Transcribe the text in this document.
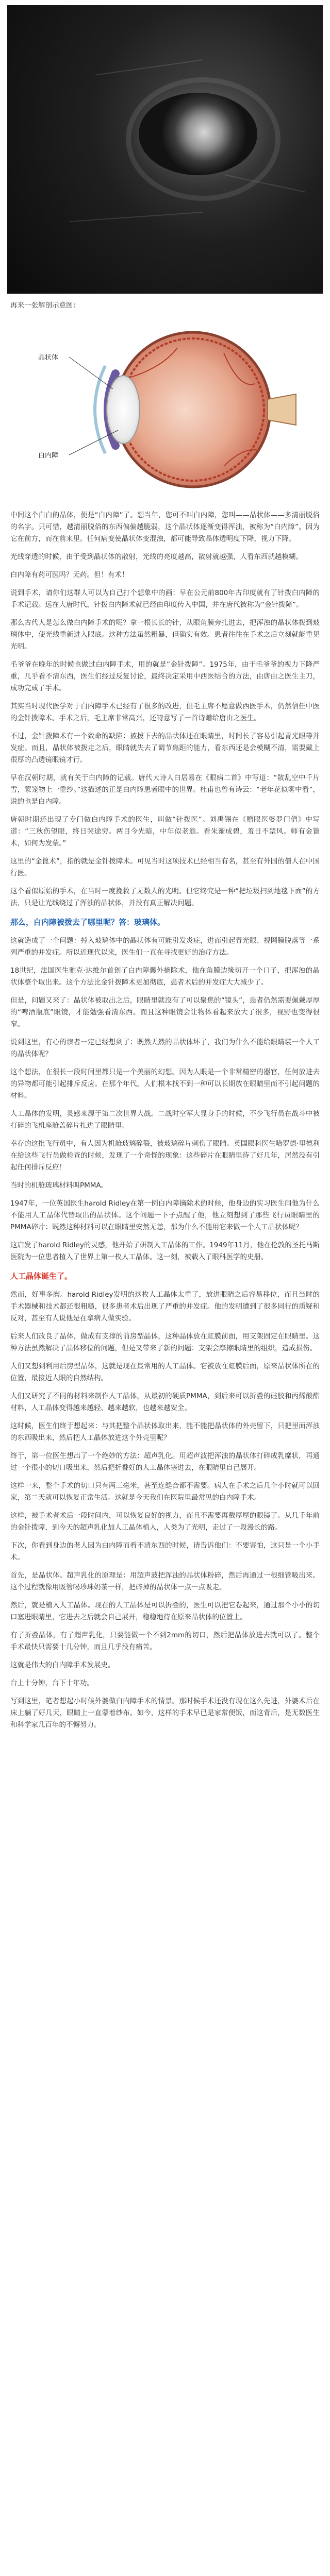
再来一张解剖示意图：

晶状体
白内障

中间这个白白的晶体，便是“白内障”了。想当年，您可不叫白内障，您叫——晶状体——多清丽脱俗的名字。只可惜，越清丽脱俗的东西偏偏越脆弱，这个晶状体逐渐变得浑浊，被称为“白内障”。因为它在前方，而在前来里。任何病变使晶状体变混浊，都可能导致晶体透明度下降，视力下降。

光线穿透的时候，由于受到晶状体的散射，光线的亮度越高，散射就越强，人看东西就越模糊。

白内障有药可医吗？无药。但！有术！

说到手术，请你们这群人可以为自己打个想象中的画：早在公元前800年古印度就有了针拨白内障的手术记载。远在大唐时代，针拨白内障术就已经由印度传入中国，并在唐代被称为“金针拨障”。

那么古代人是怎么做白内障手术的呢？拿一根长长的针，从眼角膜旁扎进去，把浑浊的晶状体拨到玻璃体中，使光线重新进入眼底。这种方法虽然粗暴，但确实有效。患者往往在手术之后立刻就能重见光明。

毛爷爷在晚年的时候也做过白内障手术，用的就是“金针拨障”。1975年，由于毛爷爷的视力下降严重，几乎看不清东西，医生们经过反复讨论，最终决定采用中西医结合的方法，由唐由之医生主刀，成功完成了手术。

其实当时现代医学对于白内障手术已经有了很多的改进，但毛主席不愿意做西医手术，仍然信任中医的金针拨障术。手术之后，毛主席非常高兴，还特意写了一首诗赠给唐由之医生。

不过，金针拨障术有一个致命的缺陷：被拨下去的晶状体还在眼睛里，时间长了容易引起青光眼等并发症。而且，晶状体被拨走之后，眼睛就失去了调节焦距的能力，看东西还是会模糊不清，需要戴上很厚的凸透镜眼镜才行。

早在汉朝时期，就有关于白内障的记载。唐代大诗人白居易在《眼病二首》中写道：“散乱空中千片雪，蒙笼物上一重纱。”这描述的正是白内障患者眼中的世界。杜甫也曾有诗云：“老年花似雾中看”，说的也是白内障。

唐朝时期还出现了专门做白内障手术的医生，叫做“针拨医”。刘禹锡在《赠眼医婆罗门僧》中写道：“三秋伤望眼，终日哭途穷。两目今先暗，中年似老翁。看朱渐成碧，羞日不禁风。师有金篦术，如何为发蒙。”

这里的“金篦术”，指的就是金针拨障术。可见当时这项技术已经相当有名，甚至有外国的僧人在中国行医。

这个看似原始的手术，在当时一度挽救了无数人的光明。但它终究是一种“把垃圾扫到地毯下面”的方法，只是让光线绕过了浑浊的晶状体，并没有真正解决问题。

那么，白内障被拨去了哪里呢？答：玻璃体。

这就造成了一个问题：掉入玻璃体中的晶状体有可能引发炎症，进而引起青光眼、视网膜脱落等一系列严重的并发症。所以近现代以来，医生们一直在寻找更好的治疗方法。

18世纪，法国医生雅克·达维尔首创了白内障囊外摘除术，他在角膜边缘切开一个口子，把浑浊的晶状体整个取出来。这个方法比金针拨障术更加彻底，患者术后的并发症大大减少了。

但是，问题又来了：晶状体被取出之后，眼睛里就没有了可以聚焦的“镜头”，患者仍然需要佩戴厚厚的“啤酒瓶底”眼镜，才能勉强看清东西。而且这种眼镜会让物体看起来放大了很多，视野也变得很窄。

说到这里，有心的读者一定已经想到了：既然天然的晶状体坏了，我们为什么不能给眼睛装一个人工的晶状体呢？

这个想法，在很长一段时间里都只是一个美丽的幻想。因为人眼是一个非常精密的器官，任何放进去的异物都可能引起排斥反应。在那个年代，人们根本找不到一种可以长期放在眼睛里而不引起问题的材料。

人工晶体的发明，灵感来源于第二次世界大战。二战时空军大显身手的时候，不少飞行员在战斗中被打碎的飞机座舱盖碎片扎进了眼睛里。

幸存的这批飞行员中，有人因为机舱玻璃碎裂，被玻璃碎片刺伤了眼睛。英国眼科医生哈罗德·里德利在给这些飞行员做检查的时候，发现了一个奇怪的现象：这些碎片在眼睛里待了好几年，居然没有引起任何排斥反应！

当时的机舱玻璃材料叫PMMA。

1947年，一位英国医生harold Ridley在第一例白内障摘除术的时候，他身边的实习医生问他为什么不能用人工晶体代替取出的晶状体。这个问题一下子点醒了他，他立刻想到了那些飞行员眼睛里的PMMA碎片：既然这种材料可以在眼睛里安然无恙，那为什么不能用它来做一个人工晶状体呢？

这启发了harold Ridley的灵感，他开始了研制人工晶体的工作。1949年11月，他在伦敦的圣托马斯医院为一位患者植入了世界上第一枚人工晶体。这一刻，被载入了眼科医学的史册。

人工晶体诞生了。

然而，好事多磨。harold Ridley发明的这枚人工晶体太重了，放进眼睛之后容易移位，而且当时的手术器械和技术都还很粗糙，很多患者术后出现了严重的并发症。他的发明遭到了很多同行的质疑和反对，甚至有人说他是在拿病人做实验。

后来人们改良了晶体，做成有支撑的前房型晶体，这种晶体放在虹膜前面，用支架固定在眼睛里。这种方法虽然解决了晶体移位的问题，但是又带来了新的问题：支架会摩擦眼睛里的组织，造成损伤。

人们又想到利用后房型晶体，这就是现在最常用的人工晶体。它被放在虹膜后面，原来晶状体所在的位置，最接近人眼的自然结构。

人们又研究了不同的材料来制作人工晶体，从最初的硬质PMMA，到后来可以折叠的硅胶和丙烯酸酯材料，人工晶体变得越来越轻、越来越软，也越来越安全。

这时候，医生们终于想起来：与其把整个晶状体取出来，能不能把晶状体的外壳留下，只把里面浑浊的东西吸出来，然后把人工晶体放进这个外壳里呢？

终于，第一位医生想出了一个绝妙的方法：超声乳化。用超声波把浑浊的晶状体打碎成乳糜状，再通过一个很小的切口吸出来，然后把折叠好的人工晶体塞进去，在眼睛里自己展开。

这样一来，整个手术的切口只有两三毫米，甚至连缝合都不需要。病人在手术之后几个小时就可以回家，第二天就可以恢复正常生活。这就是今天我们在医院里最常见的白内障手术。

这样，被手术者术后一段时间内，可以恢复良好的视力，而且不需要再戴厚厚的眼镜了。从几千年前的金针拨障，到今天的超声乳化加人工晶体植入，人类为了光明，走过了一段漫长的路。

下次，你看到身边的老人因为白内障而看不清东西的时候，请告诉他们：不要害怕，这只是一个小手术。

首先，是晶状体。超声乳化的原理是：用超声波把浑浊的晶状体粉碎，然后再通过一根细管吸出来。这个过程就像用吸管喝珍珠奶茶一样，把碎掉的晶状体一点一点吸走。

然后，就是植入人工晶体。现在的人工晶体是可以折叠的，医生可以把它卷起来，通过那个小小的切口塞进眼睛里，它进去之后就会自己展开，稳稳地待在原来晶状体的位置上。

有了折叠晶体，有了超声乳化，只要能做一个不到2mm的切口，然后把晶体放进去就可以了。整个手术最快只需要十几分钟，而且几乎没有痛苦。

这就是伟大的白内障手术发展史。

台上十分钟，台下十年功。

写到这里，笔者想起小时候外婆做白内障手术的情景。那时候手术还没有现在这么先进，外婆术后在床上躺了好几天，眼睛上一直蒙着纱布。如今，这样的手术早已是家常便饭，而这背后，是无数医生和科学家几百年的不懈努力。
